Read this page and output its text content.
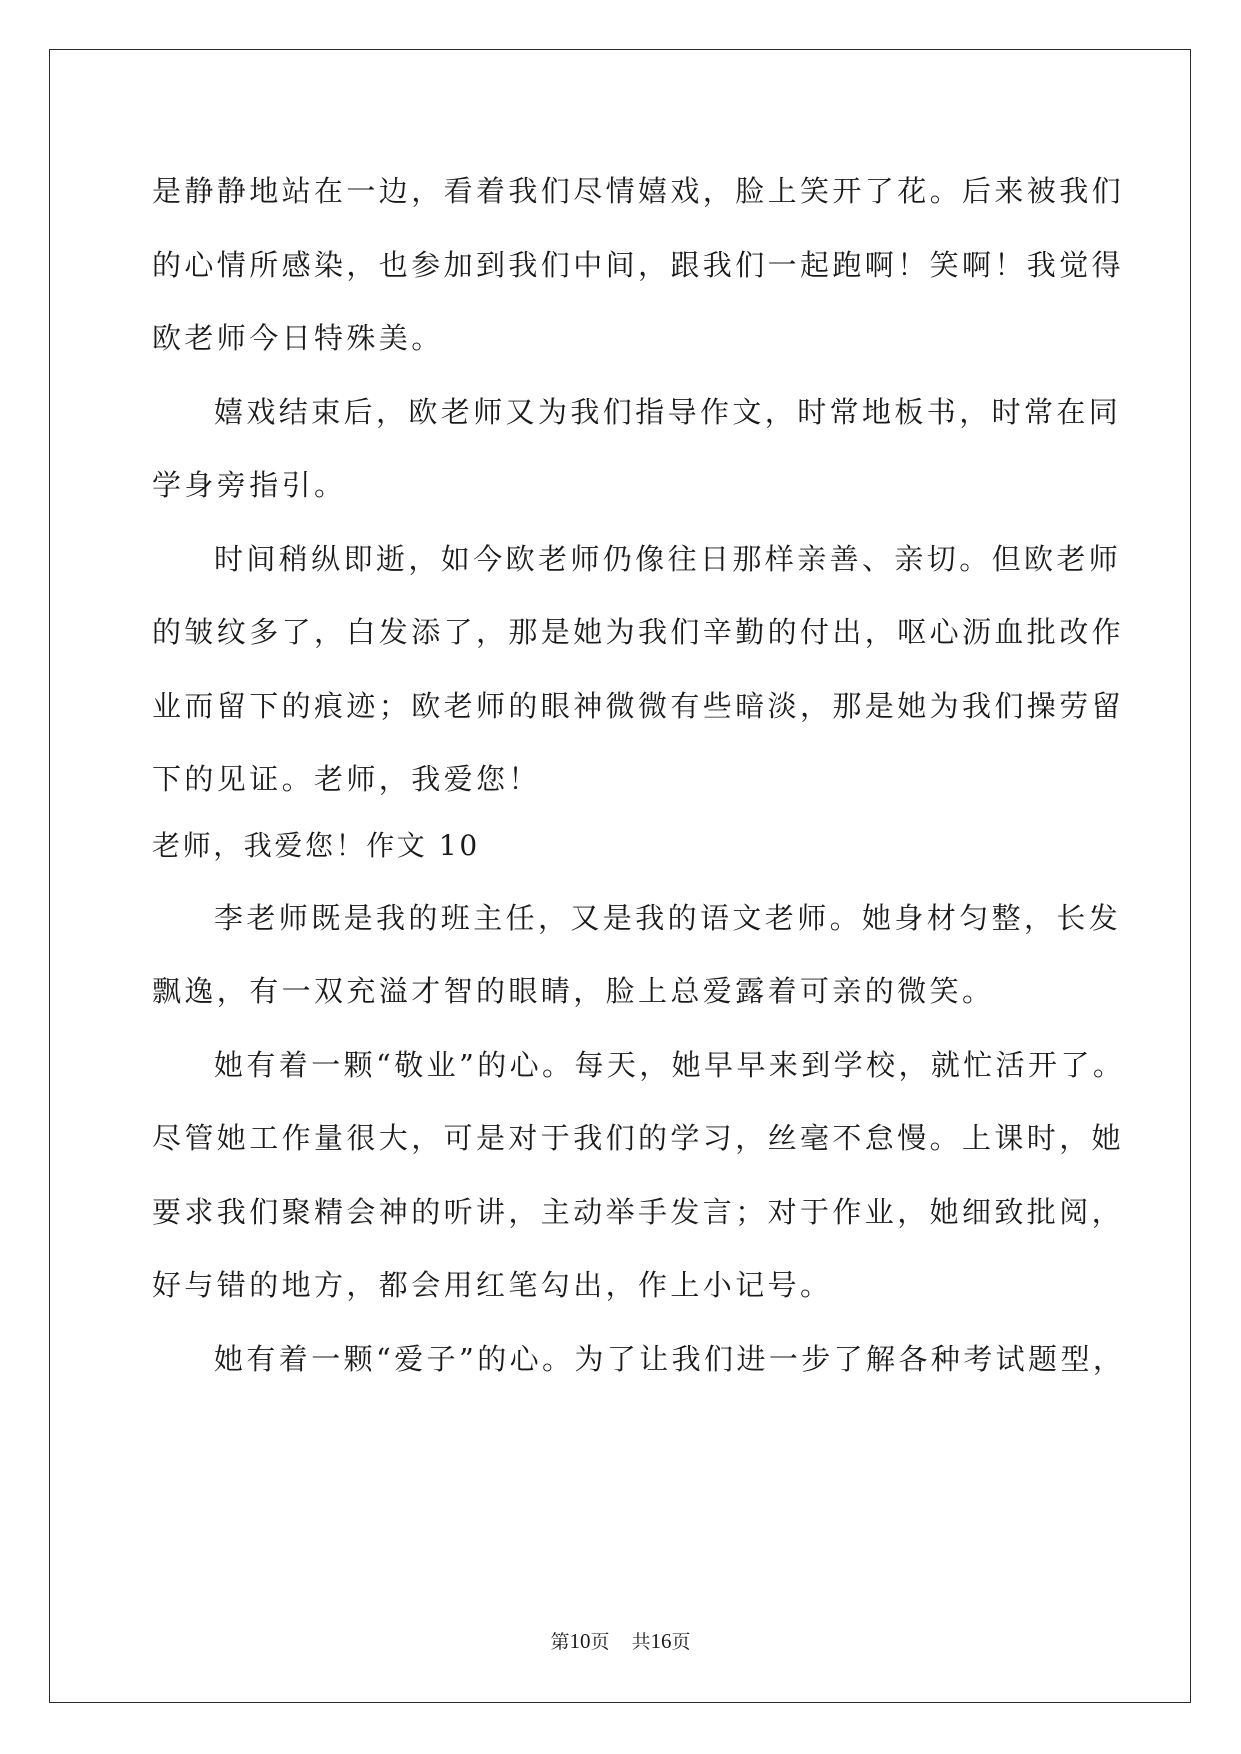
是静静地站在一边，看着我们尽情嬉戏，脸上笑开了花。后来被我们
的心情所感染，也参加到我们中间，跟我们一起跑啊！笑啊！我觉得
欧老师今日特殊美。
嬉戏结束后，欧老师又为我们指导作文，时常地板书，时常在同
学身旁指引。
时间稍纵即逝，如今欧老师仍像往日那样亲善、亲切。但欧老师
的皱纹多了，白发添了，那是她为我们辛勤的付出，呕心沥血批改作
业而留下的痕迹；欧老师的眼神微微有些暗淡，那是她为我们操劳留
下的见证。老师，我爱您！
老师，我爱您！作文 10
李老师既是我的班主任，又是我的语文老师。她身材匀整，长发
飘逸，有一双充溢才智的眼睛，脸上总爱露着可亲的微笑。
她有着一颗“敬业”的心。每天，她早早来到学校，就忙活开了。
尽管她工作量很大，可是对于我们的学习，丝毫不怠慢。上课时，她
要求我们聚精会神的听讲，主动举手发言；对于作业，她细致批阅，
好与错的地方，都会用红笔勾出，作上小记号。
她有着一颗“爱子”的心。为了让我们进一步了解各种考试题型，
第10页 共16页
